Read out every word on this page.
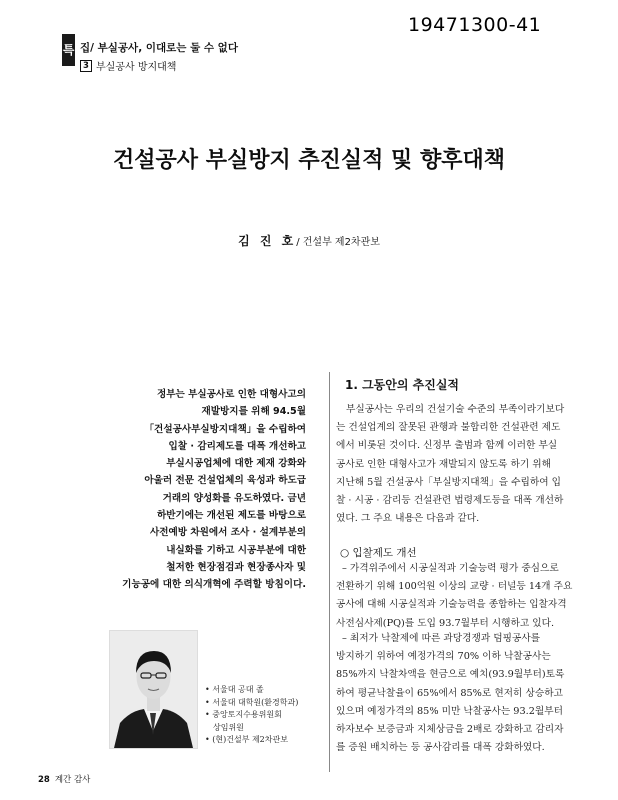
19471300-41
특 집/ 부실공사, 이대로는 둘 수 없다
3 부실공사 방지대책
건설공사 부실방지 추진실적 및 향후대책
김 진 호/ 건설부 제2차관보
정부는 부실공사로 인한 대형사고의
재발방지를 위해 94.5월
「건설공사부실방지대책」을 수립하여
입찰 · 감리제도를 대폭 개선하고
부실시공업체에 대한 제재 강화와
아울러 전문 건설업체의 육성과 하도급
거래의 양성화를 유도하였다. 금년
하반기에는 개선된 제도를 바탕으로
사전예방 차원에서 조사 · 설계부분의
내실화를 기하고 시공부분에 대한
철저한 현장점검과 현장종사자 및
기능공에 대한 의식개혁에 주력할 방침이다.
1. 그동안의 추진실적
부실공사는 우리의 건설기술 수준의 부족이라기보다
는 건설업계의 잘못된 관행과 불합리한 건설관련 제도
에서 비롯된 것이다. 신정부 출범과 함께 이러한 부실
공사로 인한 대형사고가 재발되지 않도록 하기 위해
지난해 5월 건설공사「부실방지대책」을 수립하여 입
찰 · 시공 · 감리등 건설관련 법령제도등을 대폭 개선하
였다. 그 주요 내용은 다음과 같다.
○ 입찰제도 개선
– 가격위주에서 시공실적과 기술능력 평가 중심으로
전환하기 위해 100억원 이상의 교량 · 터널등 14개 주요
공사에 대해 시공실적과 기술능력을 종합하는 입찰자격
사전심사제(PQ)를 도입 93.7월부터 시행하고 있다.
– 최저가 낙찰제에 따른 과당경쟁과 덤핑공사를
방지하기 위하여 예정가격의 70% 이하 낙찰공사는
85%까지 낙찰차액을 현금으로 예치(93.9월부터)토록
하여 평균낙찰율이 65%에서 85%로 현저히 상승하고
있으며 예정가격의 85% 미만 낙찰공사는 93.2월부터
하자보수 보증금과 지체상금을 2배로 강화하고 감리자
를 증원 배치하는 등 공사감리를 대폭 강화하였다.
• 서울대 공대 졸
• 서울대 대학원(환경학과)
• 중앙토지수용위원회
상임위원
• (현)건설부 제2차관보
28 계간 감사
